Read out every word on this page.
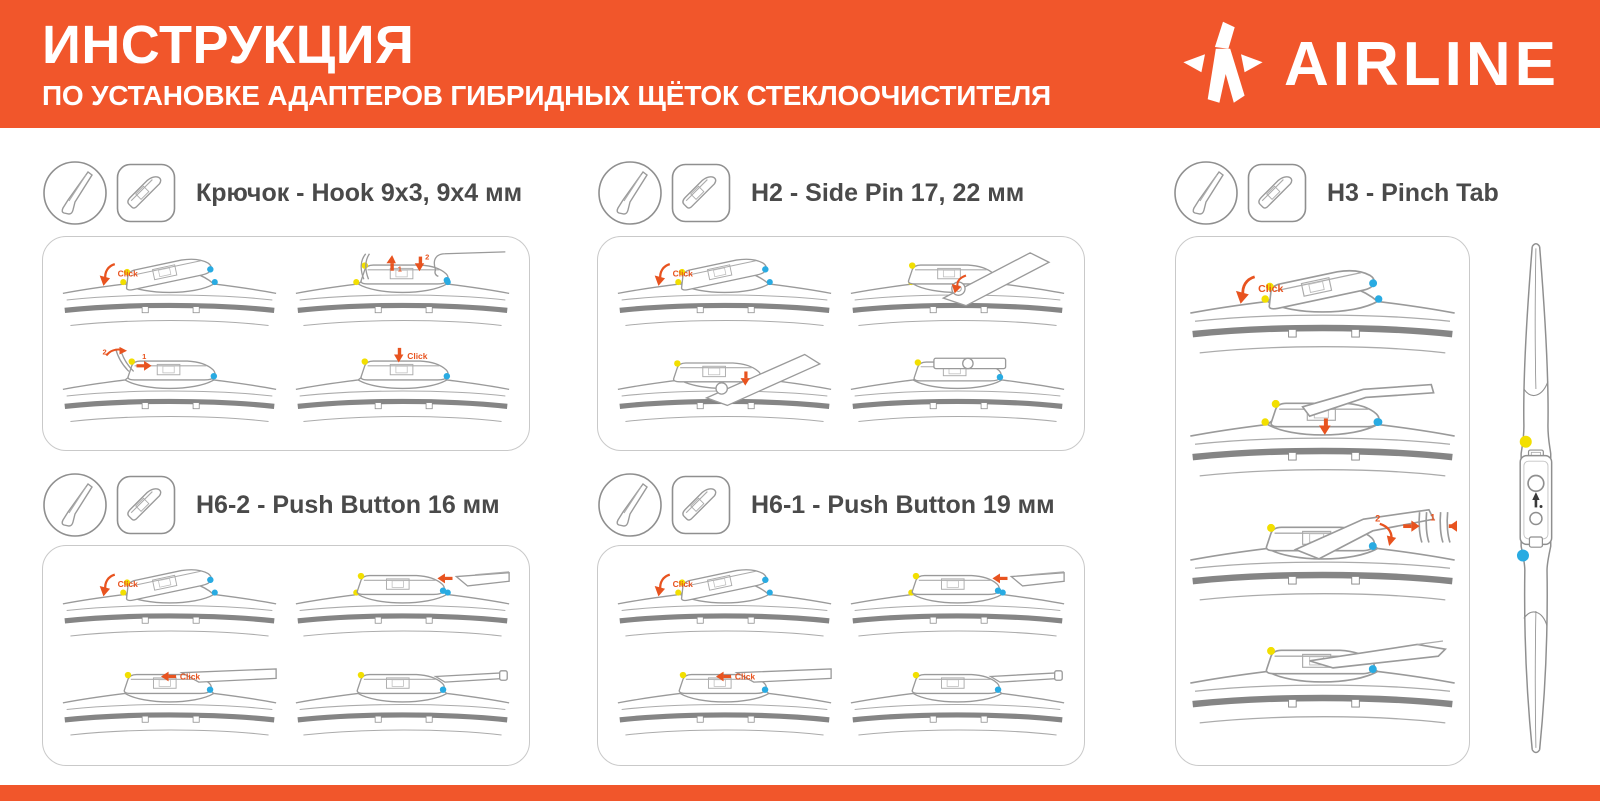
ИНСТРУКЦИЯ
ПО УСТАНОВКЕ АДАПТЕРОВ ГИБРИДНЫХ ЩЁТОК СТЕКЛООЧИСТИТЕЛЯ	AIRLINE
Крючок - Hook 9x3, 9x4 мм	H2 - Side Pin 17, 22 мм	H3 - Pinch Tab
H6-2 - Push Button 16 мм	H6-1 - Push Button 19 мм
Click	1
2
2
1	Click
Click
Click
2	1
Click
Click
Click
Click
